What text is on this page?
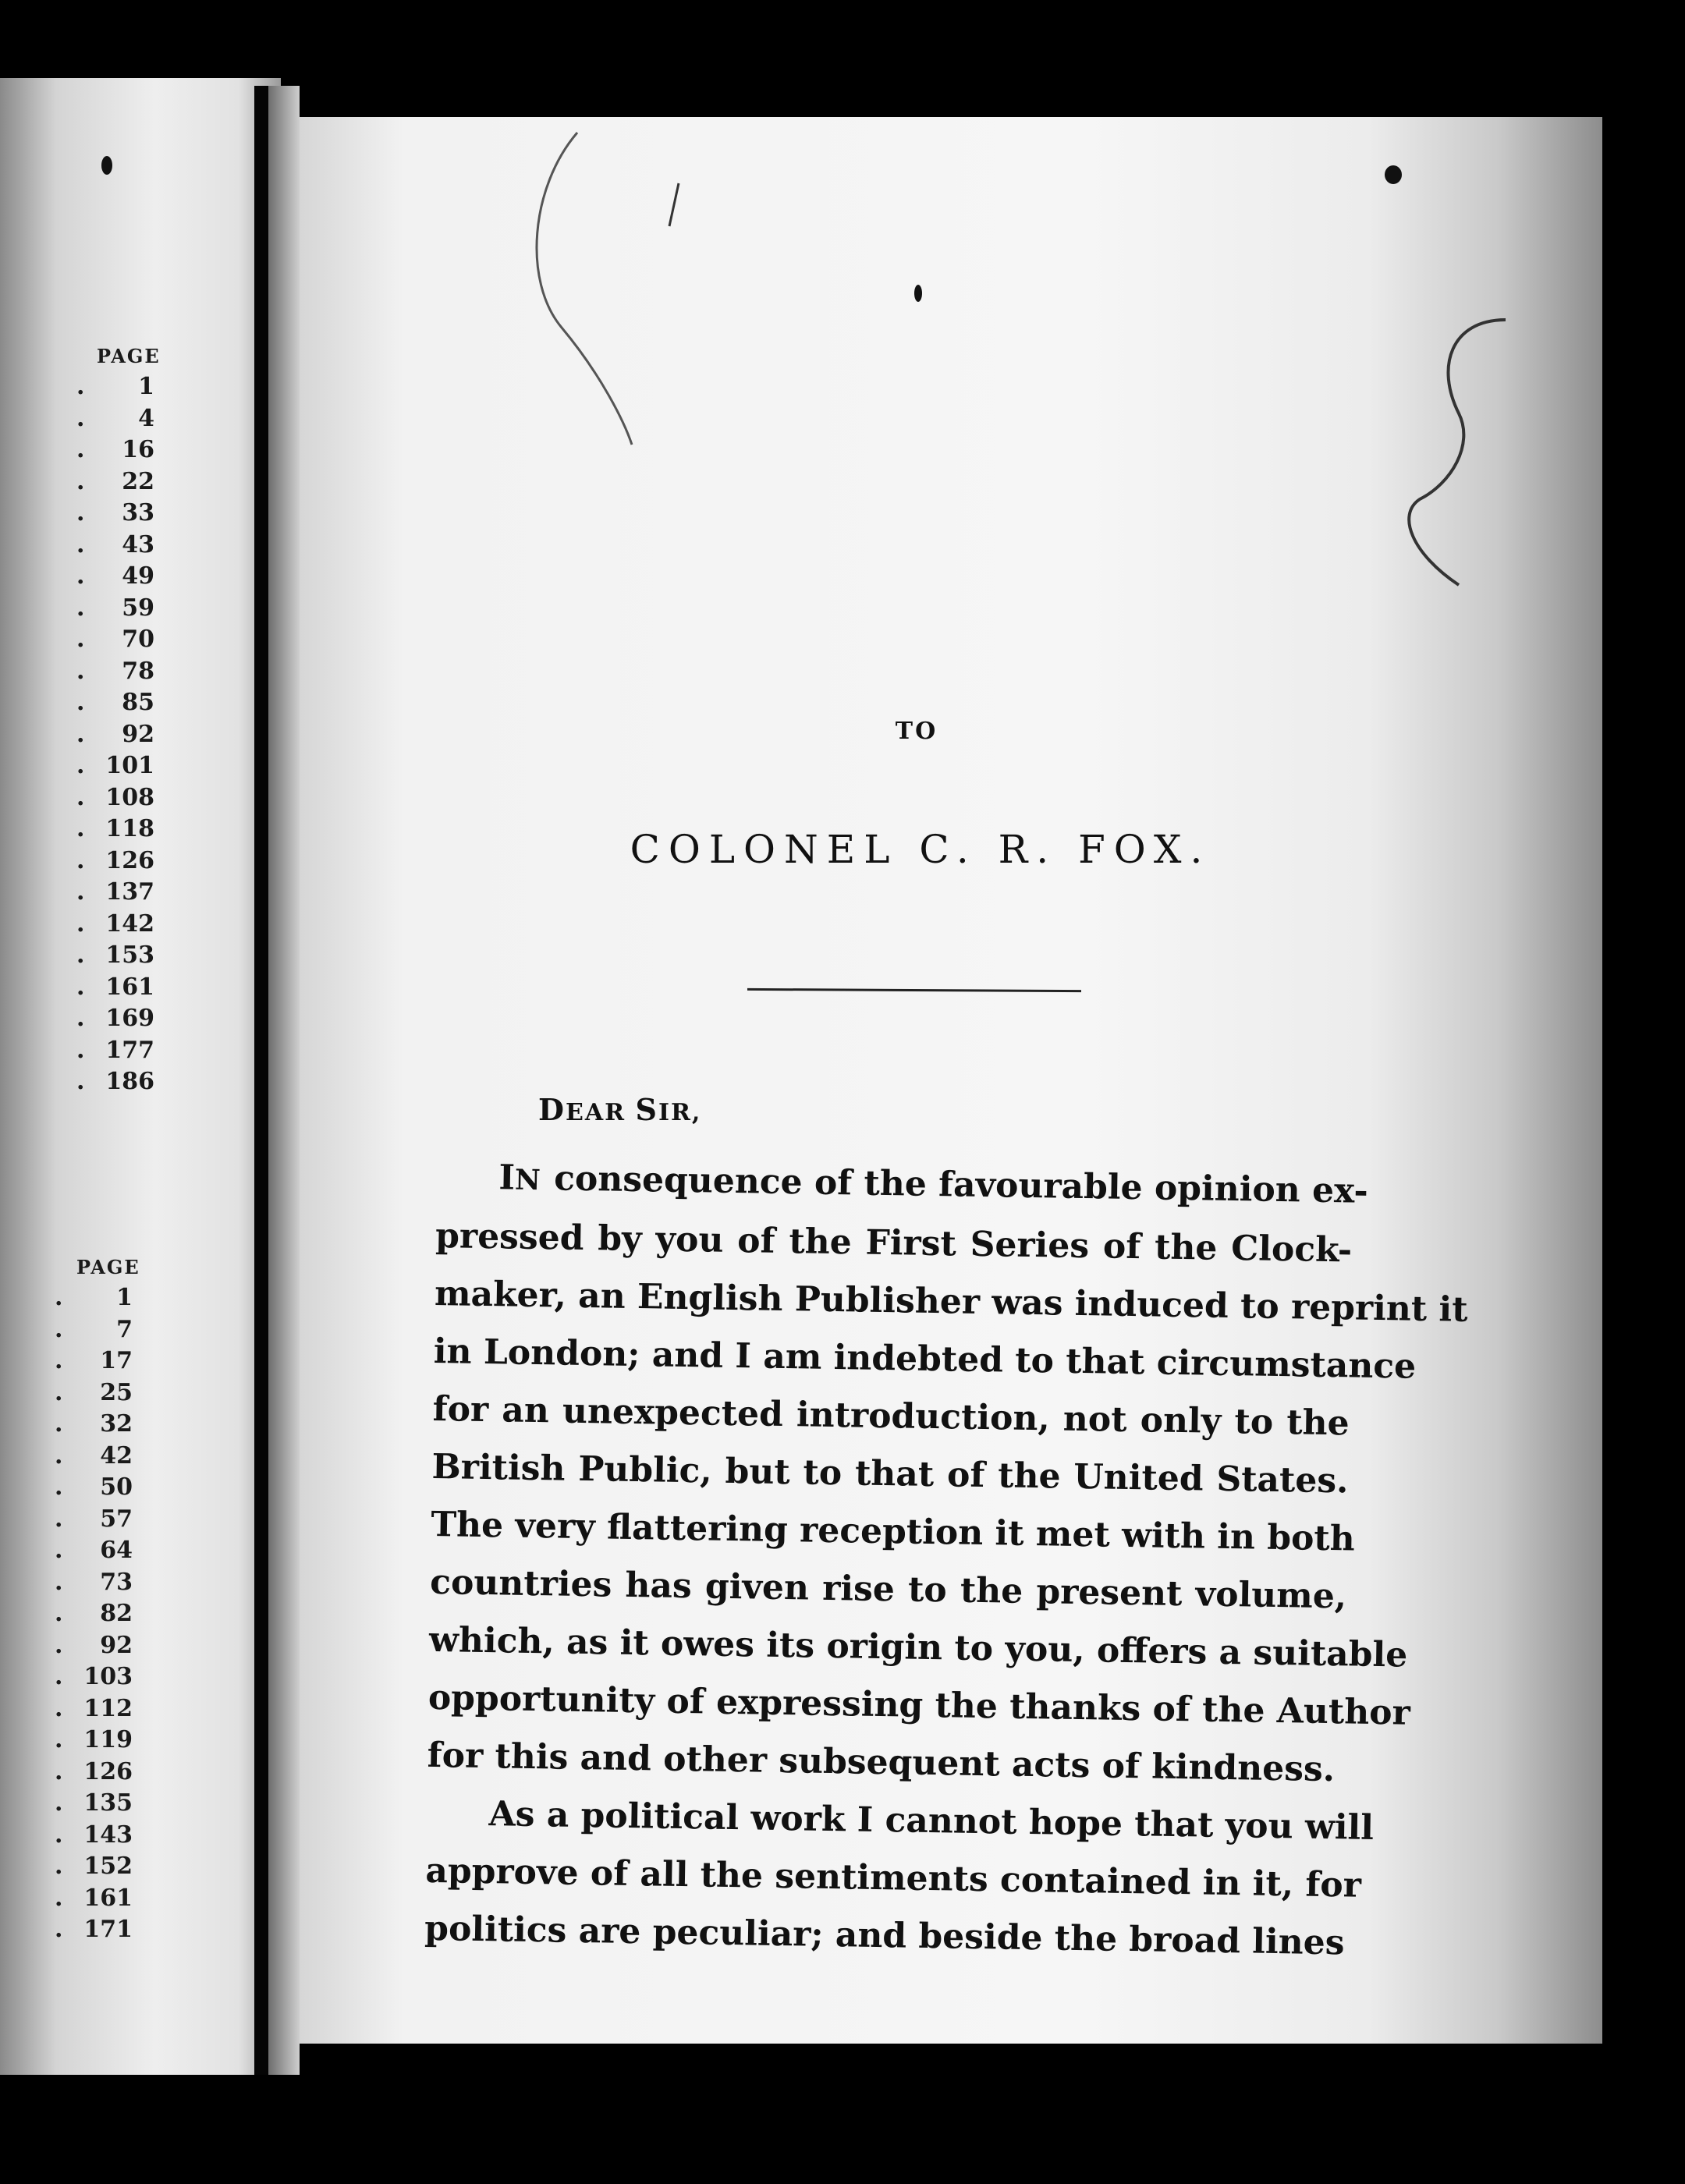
PAGE
.	1
.	4
.	16
.	22
.	33
.	43
.	49
.	59
.	70
.	78
.	85
.	92
. 101
. 108
. 118
. 126
. 137
. 142
. 153
. 161
. 169
. 177
. 186
PAGE
.	1
.	7
.	17
.	25
.	32
.	42
.	50
.	57
.	64
.	73
.	82
.	92
. 103
. 112
. 119
. 126
. 135
. 143
. 152
. 161
. 171
TO
COLONEL C. R. FOX.
DEAR SIR,
IN consequence of the favourable opinion ex-
pressed by you of the First Series of the Clock-
maker, an English Publisher was induced to reprint it
in London; and I am indebted to that circumstance
for an unexpected introduction, not only to the
British Public, but to that of the United States.
The very flattering reception it met with in both
countries has given rise to the present volume,
which, as it owes its origin to you, offers a suitable
opportunity of expressing the thanks of the Author
for this and other subsequent acts of kindness.
As a political work I cannot hope that you will
approve of all the sentiments contained in it, for
politics are peculiar; and beside the broad lines
